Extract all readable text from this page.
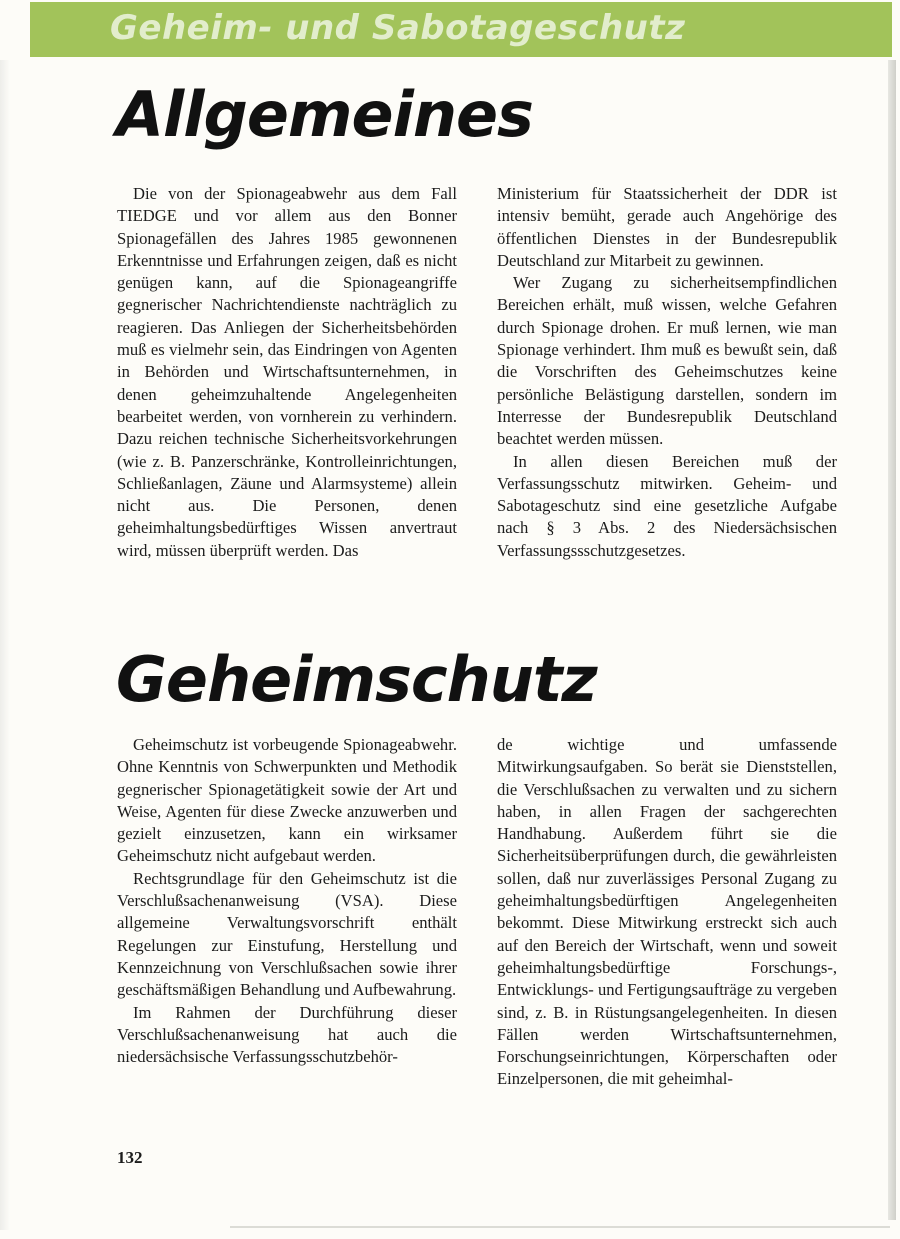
Geheim- und Sabotageschutz
Allgemeines

Die von der Spionageabwehr aus dem Fall TIEDGE und vor allem aus den Bonner Spionagefällen des Jahres 1985 gewonnenen Erkenntnisse und Erfahrungen zeigen, daß es nicht genügen kann, auf die Spionageangriffe gegnerischer Nachrichtendienste nachträglich zu reagieren. Das Anliegen der Sicherheitsbehörden muß es vielmehr sein, das Eindringen von Agenten in Behörden und Wirtschaftsunternehmen, in denen geheimzuhaltende Angelegenheiten bearbeitet werden, von vornherein zu verhindern. Dazu reichen technische Sicherheitsvorkehrungen (wie z. B. Panzerschränke, Kontrolleinrichtungen, Schließanlagen, Zäune und Alarmsysteme) allein nicht aus. Die Personen, denen geheimhaltungsbedürftiges Wissen anvertraut wird, müssen überprüft werden. Das

Ministerium für Staatssicherheit der DDR ist intensiv bemüht, gerade auch Angehörige des öffentlichen Dienstes in der Bundesrepublik Deutschland zur Mitarbeit zu gewinnen.

Wer Zugang zu sicherheitsempfindlichen Bereichen erhält, muß wissen, welche Gefahren durch Spionage drohen. Er muß lernen, wie man Spionage verhindert. Ihm muß es bewußt sein, daß die Vorschriften des Geheimschutzes keine persönliche Belästigung darstellen, sondern im Interresse der Bundesrepublik Deutschland beachtet werden müssen.

In allen diesen Bereichen muß der Verfassungsschutz mitwirken. Geheim- und Sabotageschutz sind eine gesetzliche Aufgabe nach § 3 Abs. 2 des Niedersächsischen Verfassungssschutzgesetzes.

Geheimschutz

Geheimschutz ist vorbeugende Spionageabwehr. Ohne Kenntnis von Schwerpunkten und Methodik gegnerischer Spionagetätigkeit sowie der Art und Weise, Agenten für diese Zwecke anzuwerben und gezielt einzusetzen, kann ein wirksamer Geheimschutz nicht aufgebaut werden.

Rechtsgrundlage für den Geheimschutz ist die Verschlußsachenanweisung (VSA). Diese allgemeine Verwaltungsvorschrift enthält Regelungen zur Einstufung, Herstellung und Kennzeichnung von Verschlußsachen sowie ihrer geschäftsmäßigen Behandlung und Aufbewahrung.

Im Rahmen der Durchführung dieser Verschlußsachenanweisung hat auch die niedersächsische Verfassungsschutzbehör-

de wichtige und umfassende Mitwirkungsaufgaben. So berät sie Dienststellen, die Verschlußsachen zu verwalten und zu sichern haben, in allen Fragen der sachgerechten Handhabung. Außerdem führt sie die Sicherheitsüberprüfungen durch, die gewährleisten sollen, daß nur zuverlässiges Personal Zugang zu geheimhaltungsbedürftigen Angelegenheiten bekommt. Diese Mitwirkung erstreckt sich auch auf den Bereich der Wirtschaft, wenn und soweit geheimhaltungsbedürftige Forschungs-, Entwicklungs- und Fertigungsaufträge zu vergeben sind, z. B. in Rüstungsangelegenheiten. In diesen Fällen werden Wirtschaftsunternehmen, Forschungseinrichtungen, Körperschaften oder Einzelpersonen, die mit geheimhal-

132
